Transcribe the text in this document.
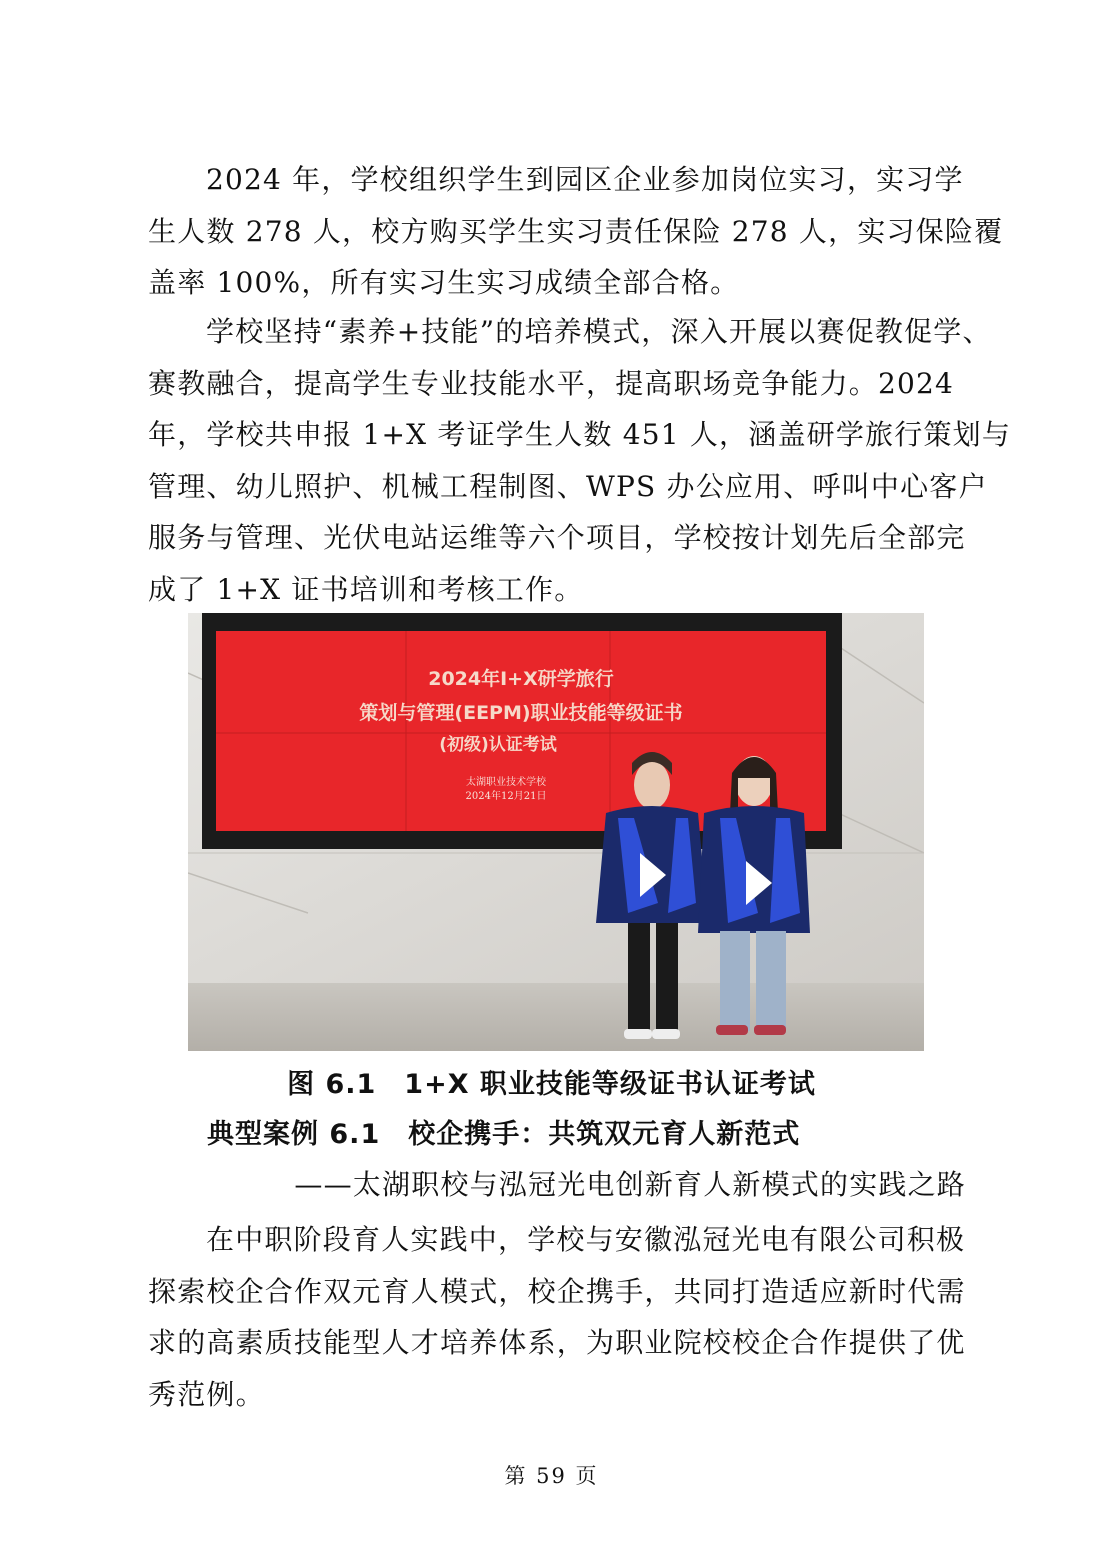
2024 年，学校组织学生到园区企业参加岗位实习，实习学
生人数 278 人，校方购买学生实习责任保险 278 人，实习保险覆
盖率 100%，所有实习生实习成绩全部合格。

学校坚持“素养+技能”的培养模式，深入开展以赛促教促学、
赛教融合，提高学生专业技能水平，提高职场竞争能力。2024
年，学校共申报 1+X 考证学生人数 451 人，涵盖研学旅行策划与
管理、幼儿照护、机械工程制图、WPS 办公应用、呼叫中心客户
服务与管理、光伏电站运维等六个项目，学校按计划先后全部完
成了 1+X 证书培训和考核工作。

2024年I+X研学旅行
策划与管理(EEPM)职业技能等级证书
(初级)认证考试
太湖职业技术学校
2024年12月21日
图 6.1　1+X 职业技能等级证书认证考试
典型案例 6.1　校企携手：共筑双元育人新范式
——太湖职校与泓冠光电创新育人新模式的实践之路

在中职阶段育人实践中，学校与安徽泓冠光电有限公司积极
探索校企合作双元育人模式，校企携手，共同打造适应新时代需
求的高素质技能型人才培养体系，为职业院校校企合作提供了优
秀范例。

第 59 页
